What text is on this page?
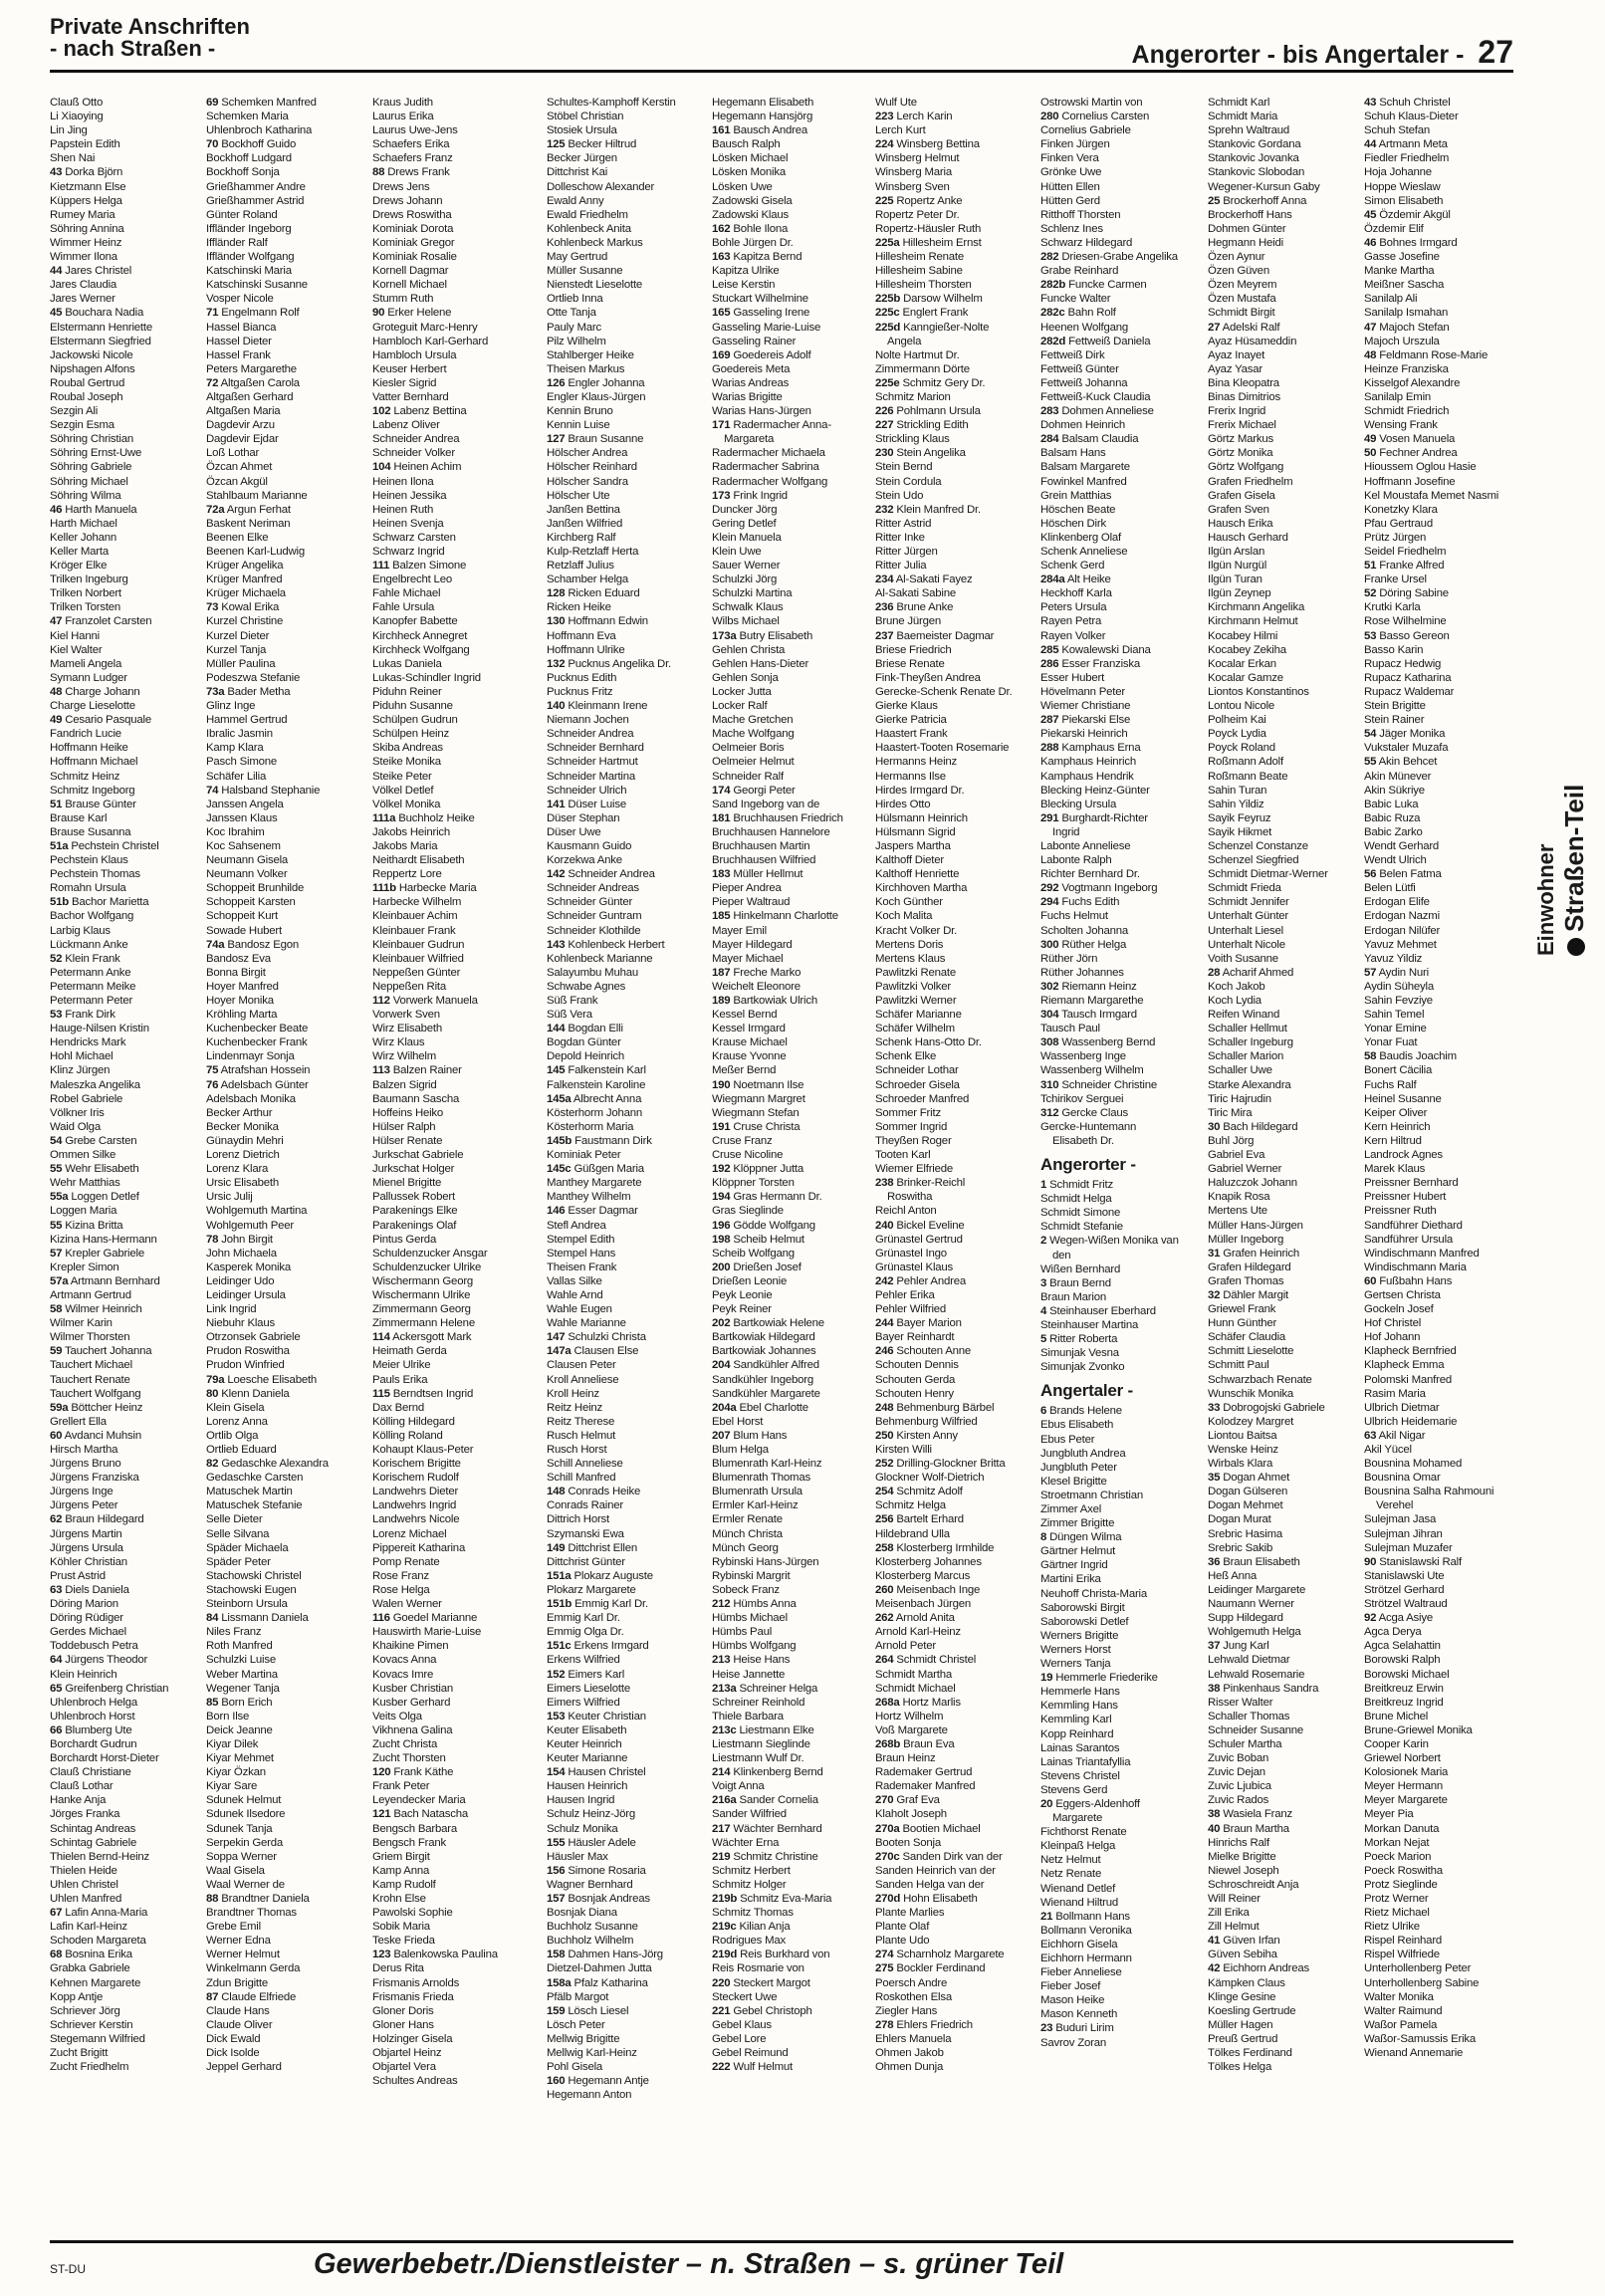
Private Anschriften
- nach Straßen -	Angerorter - bis Angertaler - 27
Clauß Otto
Li Xiaoying
Lin Jing
Papstein Edith
Shen Nai
43 Dorka Björn
Kietzmann Else
Küppers Helga
Rumey Maria
Söhring Annina
Wimmer Heinz
Wimmer Ilona
44 Jares Christel
Jares Claudia
Jares Werner
45 Bouchara Nadia
Elstermann Henriette
Elstermann Siegfried
Jackowski Nicole
Nipshagen Alfons
Roubal Gertrud
Roubal Joseph
Sezgin Ali
Sezgin Esma
Söhring Christian
Söhring Ernst-Uwe
Söhring Gabriele
Söhring Michael
Söhring Wilma
46 Harth Manuela
Harth Michael
Keller Johann
Keller Marta
Kröger Elke
Trilken Ingeburg
Trilken Norbert
Trilken Torsten
47 Franzolet Carsten
Kiel Hanni
Kiel Walter
Mameli Angela
Symann Ludger
48 Charge Johann
Charge Lieselotte
49 Cesario Pasquale
Fandrich Lucie
Hoffmann Heike
Hoffmann Michael
Schmitz Heinz
Schmitz Ingeborg
51 Brause Günter
Brause Karl
Brause Susanna
51a Pechstein Christel
Pechstein Klaus
Pechstein Thomas
Romahn Ursula
51b Bachor Marietta
Bachor Wolfgang
Larbig Klaus
Lückmann Anke
52 Klein Frank
Petermann Anke
Petermann Meike
Petermann Peter
53 Frank Dirk
Hauge-Nilsen Kristin
Hendricks Mark
Hohl Michael
Klinz Jürgen
Maleszka Angelika
Robel Gabriele
Völkner Iris
Waid Olga
54 Grebe Carsten
Ommen Silke
55 Wehr Elisabeth
Wehr Matthias
55a Loggen Detlef
Loggen Maria
55 Kizina Britta
Kizina Hans-Hermann
57 Krepler Gabriele
Krepler Simon
57a Artmann Bernhard
Artmann Gertrud
58 Wilmer Heinrich
Wilmer Karin
Wilmer Thorsten
59 Tauchert Johanna
Tauchert Michael
Tauchert Renate
Tauchert Wolfgang
59a Böttcher Heinz
Grellert Ella
60 Avdanci Muhsin
Hirsch Martha
Jürgens Bruno
Jürgens Franziska
Jürgens Inge
Jürgens Peter
62 Braun Hildegard
Jürgens Martin
Jürgens Ursula
Köhler Christian
Prust Astrid
63 Diels Daniela
Döring Marion
Döring Rüdiger
Gerdes Michael
Toddebusch Petra
64 Jürgens Theodor
Klein Heinrich
65 Greifenberg Christian
Uhlenbroch Helga
Uhlenbroch Horst
66 Blumberg Ute
Borchardt Gudrun
Borchardt Horst-Dieter
Clauß Christiane
Clauß Lothar
Hanke Anja
Jörges Franka
Schintag Andreas
Schintag Gabriele
Thielen Bernd-Heinz
Thielen Heide
Uhlen Christel
Uhlen Manfred
67 Lafin Anna-Maria
Lafin Karl-Heinz
Schoden Margareta
68 Bosnina Erika
Grabka Gabriele
Kehnen Margarete
Kopp Antje
Schriever Jörg
Schriever Kerstin
Stegemann Wilfried
Zucht Brigitt
Zucht Friedhelm
69 Schemken Manfred
Schemken Maria
Uhlenbroch Katharina
70 Bockhoff Guido
Bockhoff Ludgard
Bockhoff Sonja
Grießhammer Andre
Grießhammer Astrid
Günter Roland
Iffländer Ingeborg
Iffländer Ralf
Iffländer Wolfgang
Katschinski Maria
Katschinski Susanne
Vosper Nicole
71 Engelmann Rolf
Hassel Bianca
Hassel Dieter
Hassel Frank
Peters Margarethe
72 Altgaßen Carola
Altgaßen Gerhard
Altgaßen Maria
Dagdevir Arzu
Dagdevir Ejdar
Loß Lothar
Özcan Ahmet
Özcan Akgül
Stahlbaum Marianne
72a Argun Ferhat
Baskent Neriman
Beenen Elke
Beenen Karl-Ludwig
Krüger Angelika
Krüger Manfred
Krüger Michaela
73 Kowal Erika
Kurzel Christine
Kurzel Dieter
Kurzel Tanja
Müller Paulina
Podeszwa Stefanie
73a Bader Metha
Glinz Inge
Hammel Gertrud
Ibralic Jasmin
Kamp Klara
Pasch Simone
Schäfer Lilia
74 Halsband Stephanie
Janssen Angela
Janssen Klaus
Koc Ibrahim
Koc Sahsenem
Neumann Gisela
Neumann Volker
Schoppeit Brunhilde
Schoppeit Karsten
Schoppeit Kurt
Sowade Hubert
74a Bandosz Egon
Bandosz Eva
Bonna Birgit
Hoyer Manfred
Hoyer Monika
Kröhling Marta
Kuchenbecker Beate
Kuchenbecker Frank
Lindenmayr Sonja
75 Atrafshan Hossein
76 Adelsbach Günter
Adelsbach Monika
Becker Arthur
Becker Monika
Günaydin Mehri
Lorenz Dietrich
Lorenz Klara
Ursic Elisabeth
Ursic Julij
Wohlgemuth Martina
Wohlgemuth Peer
78 John Birgit
John Michaela
Kasperek Monika
Leidinger Udo
Leidinger Ursula
Link Ingrid
Niebuhr Klaus
Otrzonsek Gabriele
Prudon Roswitha
Prudon Winfried
79a Loesche Elisabeth
80 Klenn Daniela
Klein Gisela
Lorenz Anna
Ortlib Olga
Ortlieb Eduard
82 Gedaschke Alexandra
Gedaschke Carsten
Matuschek Martin
Matuschek Stefanie
Selle Dieter
Selle Silvana
Späder Michaela
Späder Peter
Stachowski Christel
Stachowski Eugen
Steinborn Ursula
84 Lissmann Daniela
Niles Franz
Roth Manfred
Schulzki Luise
Weber Martina
Wegener Tanja
85 Born Erich
Born Ilse
Deick Jeanne
Kiyar Dilek
Kiyar Mehmet
Kiyar Özkan
Kiyar Sare
Sdunek Helmut
Sdunek Ilsedore
Sdunek Tanja
Serpekin Gerda
Soppa Werner
Waal Gisela
Waal Werner de
88 Brandtner Daniela
Brandtner Thomas
Grebe Emil
Werner Edna
Werner Helmut
Winkelmann Gerda
Zdun Brigitte
87 Claude Elfriede
Claude Hans
Claude Oliver
Dick Ewald
Dick Isolde
Jeppel Gerhard
Kraus Judith
Laurus Erika
Laurus Uwe-Jens
Schaefers Erika
Schaefers Franz
88 Drews Frank
Drews Jens
Drews Johann
Drews Roswitha
Kominiak Dorota
Kominiak Gregor
Kominiak Rosalie
Kornell Dagmar
Kornell Michael
Stumm Ruth
90 Erker Helene
Groteguit Marc-Henry
Hambloch Karl-Gerhard
Hambloch Ursula
Keuser Herbert
Kiesler Sigrid
Vatter Bernhard
102 Labenz Bettina
Labenz Oliver
Schneider Andrea
Schneider Volker
104 Heinen Achim
Heinen Ilona
Heinen Jessika
Heinen Ruth
Heinen Svenja
Schwarz Carsten
Schwarz Ingrid
111 Balzen Simone
Engelbrecht Leo
Fahle Michael
Fahle Ursula
Kanopfer Babette
Kirchheck Annegret
Kirchheck Wolfgang
Lukas Daniela
Lukas-Schindler Ingrid
Piduhn Reiner
Piduhn Susanne
Schülpen Gudrun
Schülpen Heinz
Skiba Andreas
Steike Monika
Steike Peter
Völkel Detlef
Völkel Monika
111a Buchholz Heike
Jakobs Heinrich
Jakobs Maria
Neithardt Elisabeth
Reppertz Lore
111b Harbecke Maria
Harbecke Wilhelm
Kleinbauer Achim
Kleinbauer Frank
Kleinbauer Gudrun
Kleinbauer Wilfried
Neppeßen Günter
Neppeßen Rita
112 Vorwerk Manuela
Vorwerk Sven
Wirz Elisabeth
Wirz Klaus
Wirz Wilhelm
113 Balzen Rainer
Balzen Sigrid
Baumann Sascha
Hoffeins Heiko
Hülser Ralph
Hülser Renate
Jurkschat Gabriele
Jurkschat Holger
Mienel Brigitte
Pallussek Robert
Parakenings Elke
Parakenings Olaf
Pintus Gerda
Schuldenzucker Ansgar
Schuldenzucker Ulrike
Wischermann Georg
Wischermann Ulrike
Zimmermann Georg
Zimmermann Helene
114 Ackersgott Mark
Heimath Gerda
Meier Ulrike
Pauls Erika
115 Berndtsen Ingrid
Dax Bernd
Kölling Hildegard
Kölling Roland
Kohaupt Klaus-Peter
Korischem Brigitte
Korischem Rudolf
Landwehrs Dieter
Landwehrs Ingrid
Landwehrs Nicole
Lorenz Michael
Pippereit Katharina
Pomp Renate
Rose Franz
Rose Helga
Walen Werner
116 Goedel Marianne
Hauswirth Marie-Luise
Khaikine Pimen
Kovacs Anna
Kovacs Imre
Kusber Christian
Kusber Gerhard
Veits Olga
Vikhnena Galina
Zucht Christa
Zucht Thorsten
120 Frank Käthe
Frank Peter
Leyendecker Maria
121 Bach Natascha
Bengsch Barbara
Bengsch Frank
Griem Birgit
Kamp Anna
Kamp Rudolf
Krohn Else
Pawolski Sophie
Sobik Maria
Teske Frieda
123 Balenkowska Paulina
Derus Rita
Frismanis Arnolds
Frismanis Frieda
Gloner Doris
Gloner Hans
Holzinger Gisela
Objartel Heinz
Objartel Vera
Schultes Andreas
Schultes-Kamphoff Kerstin
Stöbel Christian
Stosiek Ursula
125 Becker Hiltrud
Becker Jürgen
Dittchrist Kai
Dolleschow Alexander
Ewald Anny
Ewald Friedhelm
Kohlenbeck Anita
Kohlenbeck Markus
May Gertrud
Müller Susanne
Nienstedt Lieselotte
Ortlieb Inna
Otte Tanja
Pauly Marc
Pilz Wilhelm
Stahlberger Heike
Theisen Markus
126 Engler Johanna
Engler Klaus-Jürgen
Kennin Bruno
Kennin Luise
127 Braun Susanne
Hölscher Andrea
Hölscher Reinhard
Hölscher Sandra
Hölscher Ute
Janßen Bettina
Janßen Wilfried
Kirchberg Ralf
Kulp-Retzlaff Herta
Retzlaff Julius
Schamber Helga
128 Ricken Eduard
Ricken Heike
130 Hoffmann Edwin
Hoffmann Eva
Hoffmann Ulrike
132 Pucknus Angelika Dr.
Pucknus Edith
Pucknus Fritz
140 Kleinmann Irene
Niemann Jochen
Schneider Andrea
Schneider Bernhard
Schneider Hartmut
Schneider Martina
Schneider Ulrich
141 Düser Luise
Düser Stephan
Düser Uwe
Kausmann Guido
Korzekwa Anke
142 Schneider Andrea
Schneider Andreas
Schneider Günter
Schneider Guntram
Schneider Klothilde
143 Kohlenbeck Herbert
Kohlenbeck Marianne
Salayumbu Muhau
Schwabe Agnes
Süß Frank
Süß Vera
144 Bogdan Elli
Bogdan Günter
Depold Heinrich
145 Falkenstein Karl
Falkenstein Karoline
145a Albrecht Anna
Kösterhorm Johann
Kösterhorm Maria
145b Faustmann Dirk
Kominiak Peter
145c Güßgen Maria
Manthey Margarete
Manthey Wilhelm
146 Esser Dagmar
Stefl Andrea
Stempel Edith
Stempel Hans
Theisen Frank
Vallas Silke
Wahle Arnd
Wahle Eugen
Wahle Marianne
147 Schulzki Christa
147a Clausen Else
Clausen Peter
Kroll Anneliese
Kroll Heinz
Reitz Heinz
Reitz Therese
Rusch Helmut
Rusch Horst
Schill Anneliese
Schill Manfred
148 Conrads Heike
Conrads Rainer
Dittrich Horst
Szymanski Ewa
149 Dittchrist Ellen
Dittchrist Günter
151a Plokarz Auguste
Plokarz Margarete
151b Emmig Karl Dr.
Emmig Karl Dr.
Emmig Olga Dr.
151c Erkens Irmgard
Erkens Wilfried
152 Eimers Karl
Eimers Lieselotte
Eimers Wilfried
153 Keuter Christian
Keuter Elisabeth
Keuter Heinrich
Keuter Marianne
154 Hausen Christel
Hausen Heinrich
Hausen Ingrid
Schulz Heinz-Jörg
Schulz Monika
155 Häusler Adele
Häusler Max
156 Simone Rosaria
Wagner Bernhard
157 Bosnjak Andreas
Bosnjak Diana
Buchholz Susanne
Buchholz Wilhelm
158 Dahmen Hans-Jörg
Dietzel-Dahmen Jutta
158a Pfalz Katharina
Pfälb Margot
159 Lösch Liesel
Lösch Peter
Mellwig Brigitte
Mellwig Karl-Heinz
Pohl Gisela
160 Hegemann Antje
Hegemann Anton
Hegemann Elisabeth
Hegemann Hansjörg
161 Bausch Andrea
Bausch Ralph
Lösken Michael
Lösken Monika
Lösken Uwe
Zadowski Gisela
Zadowski Klaus
162 Bohle Ilona
Bohle Jürgen Dr.
163 Kapitza Bernd
Kapitza Ulrike
Leise Kerstin
Stuckart Wilhelmine
165 Gasseling Irene
Gasseling Marie-Luise
Gasseling Rainer
169 Goedereis Adolf
Goedereis Meta
Warias Andreas
Warias Brigitte
Warias Hans-Jürgen
171 Radermacher Anna-
Margareta
Radermacher Michaela
Radermacher Sabrina
Radermacher Wolfgang
173 Frink Ingrid
Duncker Jörg
Gering Detlef
Klein Manuela
Klein Uwe
Sauer Werner
Schulzki Jörg
Schulzki Martina
Schwalk Klaus
Wilbs Michael
173a Butry Elisabeth
Gehlen Christa
Gehlen Hans-Dieter
Gehlen Sonja
Locker Jutta
Locker Ralf
Mache Gretchen
Mache Wolfgang
Oelmeier Boris
Oelmeier Helmut
Schneider Ralf
174 Georgi Peter
Sand Ingeborg van de
181 Bruchhausen Friedrich
Bruchhausen Hannelore
Bruchhausen Martin
Bruchhausen Wilfried
183 Müller Hellmut
Pieper Andrea
Pieper Waltraud
185 Hinkelmann Charlotte
Mayer Emil
Mayer Hildegard
Mayer Michael
187 Freche Marko
Weichelt Eleonore
189 Bartkowiak Ulrich
Kessel Bernd
Kessel Irmgard
Krause Michael
Krause Yvonne
Meßer Bernd
190 Noetmann Ilse
Wiegmann Margret
Wiegmann Stefan
191 Cruse Christa
Cruse Franz
Cruse Nicoline
192 Klöppner Jutta
Klöppner Torsten
194 Gras Hermann Dr.
Gras Sieglinde
196 Gödde Wolfgang
198 Scheib Helmut
Scheib Wolfgang
200 Drießen Josef
Drießen Leonie
Peyk Leonie
Peyk Reiner
202 Bartkowiak Helene
Bartkowiak Hildegard
Bartkowiak Johannes
204 Sandkühler Alfred
Sandkühler Ingeborg
Sandkühler Margarete
204a Ebel Charlotte
Ebel Horst
207 Blum Hans
Blum Helga
Blumenrath Karl-Heinz
Blumenrath Thomas
Blumenrath Ursula
Ermler Karl-Heinz
Ermler Renate
Münch Christa
Münch Georg
Rybinski Hans-Jürgen
Rybinski Margrit
Sobeck Franz
212 Hümbs Anna
Hümbs Michael
Hümbs Paul
Hümbs Wolfgang
213 Heise Hans
Heise Jannette
213a Schreiner Helga
Schreiner Reinhold
Thiele Barbara
213c Liestmann Elke
Liestmann Sieglinde
Liestmann Wulf Dr.
214 Klinkenberg Bernd
Voigt Anna
216a Sander Cornelia
Sander Wilfried
217 Wächter Bernhard
Wächter Erna
219 Schmitz Christine
Schmitz Herbert
Schmitz Holger
219b Schmitz Eva-Maria
Schmitz Thomas
219c Kilian Anja
Rodrigues Max
219d Reis Burkhard von
Reis Rosmarie von
220 Steckert Margot
Steckert Uwe
221 Gebel Christoph
Gebel Klaus
Gebel Lore
Gebel Reimund
222 Wulf Helmut
Wulf Ute
223 Lerch Karin
Lerch Kurt
224 Winsberg Bettina
Winsberg Helmut
Winsberg Maria
Winsberg Sven
225 Ropertz Anke
Ropertz Peter Dr.
Ropertz-Häusler Ruth
225a Hillesheim Ernst
Hillesheim Renate
Hillesheim Sabine
Hillesheim Thorsten
225b Darsow Wilhelm
225c Englert Frank
225d Kanngießer-Nolte
Angela
Nolte Hartmut Dr.
Zimmermann Dörte
225e Schmitz Gery Dr.
Schmitz Marion
226 Pohlmann Ursula
227 Strickling Edith
Strickling Klaus
230 Stein Angelika
Stein Bernd
Stein Cordula
Stein Udo
232 Klein Manfred Dr.
Ritter Astrid
Ritter Inke
Ritter Jürgen
Ritter Julia
234 Al-Sakati Fayez
Al-Sakati Sabine
236 Brune Anke
Brune Jürgen
237 Baemeister Dagmar
Briese Friedrich
Briese Renate
Fink-Theyßen Andrea
Gerecke-Schenk Renate Dr.
Gierke Klaus
Gierke Patricia
Haastert Frank
Haastert-Tooten Rosemarie
Hermanns Heinz
Hermanns Ilse
Hirdes Irmgard Dr.
Hirdes Otto
Hülsmann Heinrich
Hülsmann Sigrid
Jaspers Martha
Kalthoff Dieter
Kalthoff Henriette
Kirchhoven Martha
Koch Günther
Koch Malita
Kracht Volker Dr.
Mertens Doris
Mertens Klaus
Pawlitzki Renate
Pawlitzki Volker
Pawlitzki Werner
Schäfer Marianne
Schäfer Wilhelm
Schenk Hans-Otto Dr.
Schenk Elke
Schneider Lothar
Schroeder Gisela
Schroeder Manfred
Sommer Fritz
Sommer Ingrid
Theyßen Roger
Tooten Karl
Wiemer Elfriede
238 Brinker-Reichl
Roswitha
Reichl Anton
240 Bickel Eveline
Grünastel Gertrud
Grünastel Ingo
Grünastel Klaus
242 Pehler Andrea
Pehler Erika
Pehler Wilfried
244 Bayer Marion
Bayer Reinhardt
246 Schouten Anne
Schouten Dennis
Schouten Gerda
Schouten Henry
248 Behmenburg Bärbel
Behmenburg Wilfried
250 Kirsten Anny
Kirsten Willi
252 Drilling-Glockner Britta
Glockner Wolf-Dietrich
254 Schmitz Adolf
Schmitz Helga
256 Bartelt Erhard
Hildebrand Ulla
258 Klosterberg Irmhilde
Klosterberg Johannes
Klosterberg Marcus
260 Meisenbach Inge
Meisenbach Jürgen
262 Arnold Anita
Arnold Karl-Heinz
Arnold Peter
264 Schmidt Christel
Schmidt Martha
Schmidt Michael
268a Hortz Marlis
Hortz Wilhelm
Voß Margarete
268b Braun Eva
Braun Heinz
Rademaker Gertrud
Rademaker Manfred
270 Graf Eva
Klaholt Joseph
270a Bootien Michael
Booten Sonja
270c Sanden Dirk van der
Sanden Heinrich van der
Sanden Helga van der
270d Hohn Elisabeth
Plante Marlies
Plante Olaf
Plante Udo
274 Scharnholz Margarete
275 Bockler Ferdinand
Poersch Andre
Roskothen Elsa
Ziegler Hans
278 Ehlers Friedrich
Ehlers Manuela
Ohmen Jakob
Ohmen Dunja
Ostrowski Martin von
280 Cornelius Carsten
Cornelius Gabriele
Finken Jürgen
Finken Vera
Grönke Uwe
Hütten Ellen
Hütten Gerd
Ritthoff Thorsten
Schlenz Ines
Schwarz Hildegard
282 Driesen-Grabe Angelika
Grabe Reinhard
282b Funcke Carmen
Funcke Walter
282c Bahn Rolf
Heenen Wolfgang
282d Fettweiß Daniela
Fettweiß Dirk
Fettweiß Günter
Fettweiß Johanna
Fettweiß-Kuck Claudia
283 Dohmen Anneliese
Dohmen Heinrich
284 Balsam Claudia
Balsam Hans
Balsam Margarete
Fowinkel Manfred
Grein Matthias
Höschen Beate
Höschen Dirk
Klinkenberg Olaf
Schenk Anneliese
Schenk Gerd
284a Alt Heike
Heckhoff Karla
Peters Ursula
Rayen Petra
Rayen Volker
285 Kowalewski Diana
286 Esser Franziska
Esser Hubert
Hövelmann Peter
Wiemer Christiane
287 Piekarski Else
Piekarski Heinrich
288 Kamphaus Erna
Kamphaus Heinrich
Kamphaus Hendrik
Blecking Heinz-Günter
Blecking Ursula
291 Burghardt-Richter
Ingrid
Labonte Anneliese
Labonte Ralph
Richter Bernhard Dr.
292 Vogtmann Ingeborg
294 Fuchs Edith
Fuchs Helmut
Scholten Johanna
300 Rüther Helga
Rüther Jörn
Rüther Johannes
302 Riemann Heinz
Riemann Margarethe
304 Tausch Irmgard
Tausch Paul
308 Wassenberg Bernd
Wassenberg Inge
Wassenberg Wilhelm
310 Schneider Christine
Tchirikov Serguei
312 Gercke Claus
Gercke-Huntemann
Elisabeth Dr.
Angerorter -
1 Schmidt Fritz
Schmidt Helga
Schmidt Simone
Schmidt Stefanie
2 Wegen-Wißen Monika van
den
Wißen Bernhard
3 Braun Bernd
Braun Marion
4 Steinhauser Eberhard
Steinhauser Martina
5 Ritter Roberta
Simunjak Vesna
Simunjak Zvonko
Angertaler -
6 Brands Helene
Ebus Elisabeth
Ebus Peter
Jungbluth Andrea
Jungbluth Peter
Klesel Brigitte
Stroetmann Christian
Zimmer Axel
Zimmer Brigitte
8 Düngen Wilma
Gärtner Helmut
Gärtner Ingrid
Martini Erika
Neuhoff Christa-Maria
Saborowski Birgit
Saborowski Detlef
Werners Brigitte
Werners Horst
Werners Tanja
19 Hemmerle Friederike
Hemmerle Hans
Kemmling Hans
Kemmling Karl
Kopp Reinhard
Lainas Sarantos
Lainas Triantafyllia
Stevens Christel
Stevens Gerd
20 Eggers-Aldenhoff
Margarete
Fichthorst Renate
Kleinpaß Helga
Netz Helmut
Netz Renate
Wienand Detlef
Wienand Hiltrud
21 Bollmann Hans
Bollmann Veronika
Eichhorn Gisela
Eichhorn Hermann
Fieber Anneliese
Fieber Josef
Mason Heike
Mason Kenneth
23 Buduri Lirim
Savrov Zoran
Schmidt Karl
Schmidt Maria
Sprehn Waltraud
Stankovic Gordana
Stankovic Jovanka
Stankovic Slobodan
Wegener-Kursun Gaby
25 Brockerhoff Anna
Brockerhoff Hans
Dohmen Günter
Hegmann Heidi
Özen Aynur
Özen Güven
Özen Meyrem
Özen Mustafa
Schmidt Birgit
27 Adelski Ralf
Ayaz Hüsameddin
Ayaz Inayet
Ayaz Yasar
Bina Kleopatra
Binas Dimitrios
Frerix Ingrid
Frerix Michael
Görtz Markus
Görtz Monika
Görtz Wolfgang
Grafen Friedhelm
Grafen Gisela
Grafen Sven
Hausch Erika
Hausch Gerhard
Ilgün Arslan
Ilgün Nurgül
Ilgün Turan
Ilgün Zeynep
Kirchmann Angelika
Kirchmann Helmut
Kocabey Hilmi
Kocabey Zekiha
Kocalar Erkan
Kocalar Gamze
Liontos Konstantinos
Lontou Nicole
Polheim Kai
Poyck Lydia
Poyck Roland
Roßmann Adolf
Roßmann Beate
Sahin Turan
Sahin Yildiz
Sayik Feyruz
Sayik Hikmet
Schenzel Constanze
Schenzel Siegfried
Schmidt Dietmar-Werner
Schmidt Frieda
Schmidt Jennifer
Unterhalt Günter
Unterhalt Liesel
Unterhalt Nicole
Voith Susanne
28 Acharif Ahmed
Koch Jakob
Koch Lydia
Reifen Winand
Schaller Hellmut
Schaller Ingeburg
Schaller Marion
Schaller Uwe
Starke Alexandra
Tiric Hajrudin
Tiric Mira
30 Bach Hildegard
Buhl Jörg
Gabriel Eva
Gabriel Werner
Haluzczok Johann
Knapik Rosa
Mertens Ute
Müller Hans-Jürgen
Müller Ingeborg
31 Grafen Heinrich
Grafen Hildegard
Grafen Thomas
32 Dähler Margit
Griewel Frank
Hunn Günther
Schäfer Claudia
Schmitt Lieselotte
Schmitt Paul
Schwarzbach Renate
Wunschik Monika
33 Dobrogojski Gabriele
Kolodzey Margret
Liontou Baitsa
Wenske Heinz
Wirbals Klara
35 Dogan Ahmet
Dogan Gülseren
Dogan Mehmet
Dogan Murat
Srebric Hasima
Srebric Sakib
36 Braun Elisabeth
Heß Anna
Leidinger Margarete
Naumann Werner
Supp Hildegard
Wohlgemuth Helga
37 Jung Karl
Lehwald Dietmar
Lehwald Rosemarie
38 Pinkenhaus Sandra
Risser Walter
Schaller Thomas
Schneider Susanne
Schuler Martha
Zuvic Boban
Zuvic Dejan
Zuvic Ljubica
Zuvic Rados
38 Wasiela Franz
40 Braun Martha
Hinrichs Ralf
Mielke Brigitte
Niewel Joseph
Schroschreidt Anja
Will Reiner
Zill Erika
Zill Helmut
41 Güven Irfan
Güven Sebiha
42 Eichhorn Andreas
Kämpken Claus
Klinge Gesine
Koesling Gertrude
Müller Hagen
Preuß Gertrud
Tölkes Ferdinand
Tölkes Helga
43 Schuh Christel
Schuh Klaus-Dieter
Schuh Stefan
44 Artmann Meta
Fiedler Friedhelm
Hoja Johanne
Hoppe Wieslaw
Simon Elisabeth
45 Özdemir Akgül
Özdemir Elif
46 Bohnes Irmgard
Gasse Josefine
Manke Martha
Meißner Sascha
Sanilalp Ali
Sanilalp Ismahan
47 Majoch Stefan
Majoch Urszula
48 Feldmann Rose-Marie
Heinze Franziska
Kisselgof Alexandre
Sanilalp Emin
Schmidt Friedrich
Wensing Frank
49 Vosen Manuela
50 Fechner Andrea
Hioussem Oglou Hasie
Hoffmann Josefine
Kel Moustafa Memet Nasmi
Konetzky Klara
Pfau Gertraud
Prütz Jürgen
Seidel Friedhelm
51 Franke Alfred
Franke Ursel
52 Döring Sabine
Krutki Karla
Rose Wilhelmine
53 Basso Gereon
Basso Karin
Rupacz Hedwig
Rupacz Katharina
Rupacz Waldemar
Stein Brigitte
Stein Rainer
54 Jäger Monika
Vukstaler Muzafa
55 Akin Behcet
Akin Münever
Akin Sükriye
Babic Luka
Babic Ruza
Babic Zarko
Wendt Gerhard
Wendt Ulrich
56 Belen Fatma
Belen Lütfi
Erdogan Elife
Erdogan Nazmi
Erdogan Nilüfer
Yavuz Mehmet
Yavuz Yildiz
57 Aydin Nuri
Aydin Süheyla
Sahin Fevziye
Sahin Temel
Yonar Emine
Yonar Fuat
58 Baudis Joachim
Bonert Cäcilia
Fuchs Ralf
Heinel Susanne
Keiper Oliver
Kern Heinrich
Kern Hiltrud
Landrock Agnes
Marek Klaus
Preissner Bernhard
Preissner Hubert
Preissner Ruth
Sandführer Diethard
Sandführer Ursula
Windischmann Manfred
Windischmann Maria
60 Fußbahn Hans
Gertsen Christa
Gockeln Josef
Hof Christel
Hof Johann
Klapheck Bernfried
Klapheck Emma
Polomski Manfred
Rasim Maria
Ulbrich Dietmar
Ulbrich Heidemarie
63 Akil Nigar
Akil Yücel
Bousnina Mohamed
Bousnina Omar
Bousnina Salha Rahmouni
Verehel
Sulejman Jasa
Sulejman Jihran
Sulejman Muzafer
90 Stanislawski Ralf
Stanislawski Ute
Strötzel Gerhard
Strötzel Waltraud
92 Acga Asiye
Agca Derya
Agca Selahattin
Borowski Ralph
Borowski Michael
Breitkreuz Erwin
Breitkreuz Ingrid
Brune Michel
Brune-Griewel Monika
Cooper Karin
Griewel Norbert
Kolosionek Maria
Meyer Hermann
Meyer Margarete
Meyer Pia
Morkan Danuta
Morkan Nejat
Poeck Marion
Poeck Roswitha
Protz Sieglinde
Protz Werner
Rietz Michael
Rietz Ulrike
Rispel Reinhard
Rispel Wilfriede
Unterhollenberg Peter
Unterhollenberg Sabine
Walter Monika
Walter Raimund
Waßor Pamela
Waßor-Samussis Erika
Wienand Annemarie
Einwohner Straßen-Teil
ST-DU	Gewerbebetr./Dienstleister – n. Straßen – s. grüner Teil
